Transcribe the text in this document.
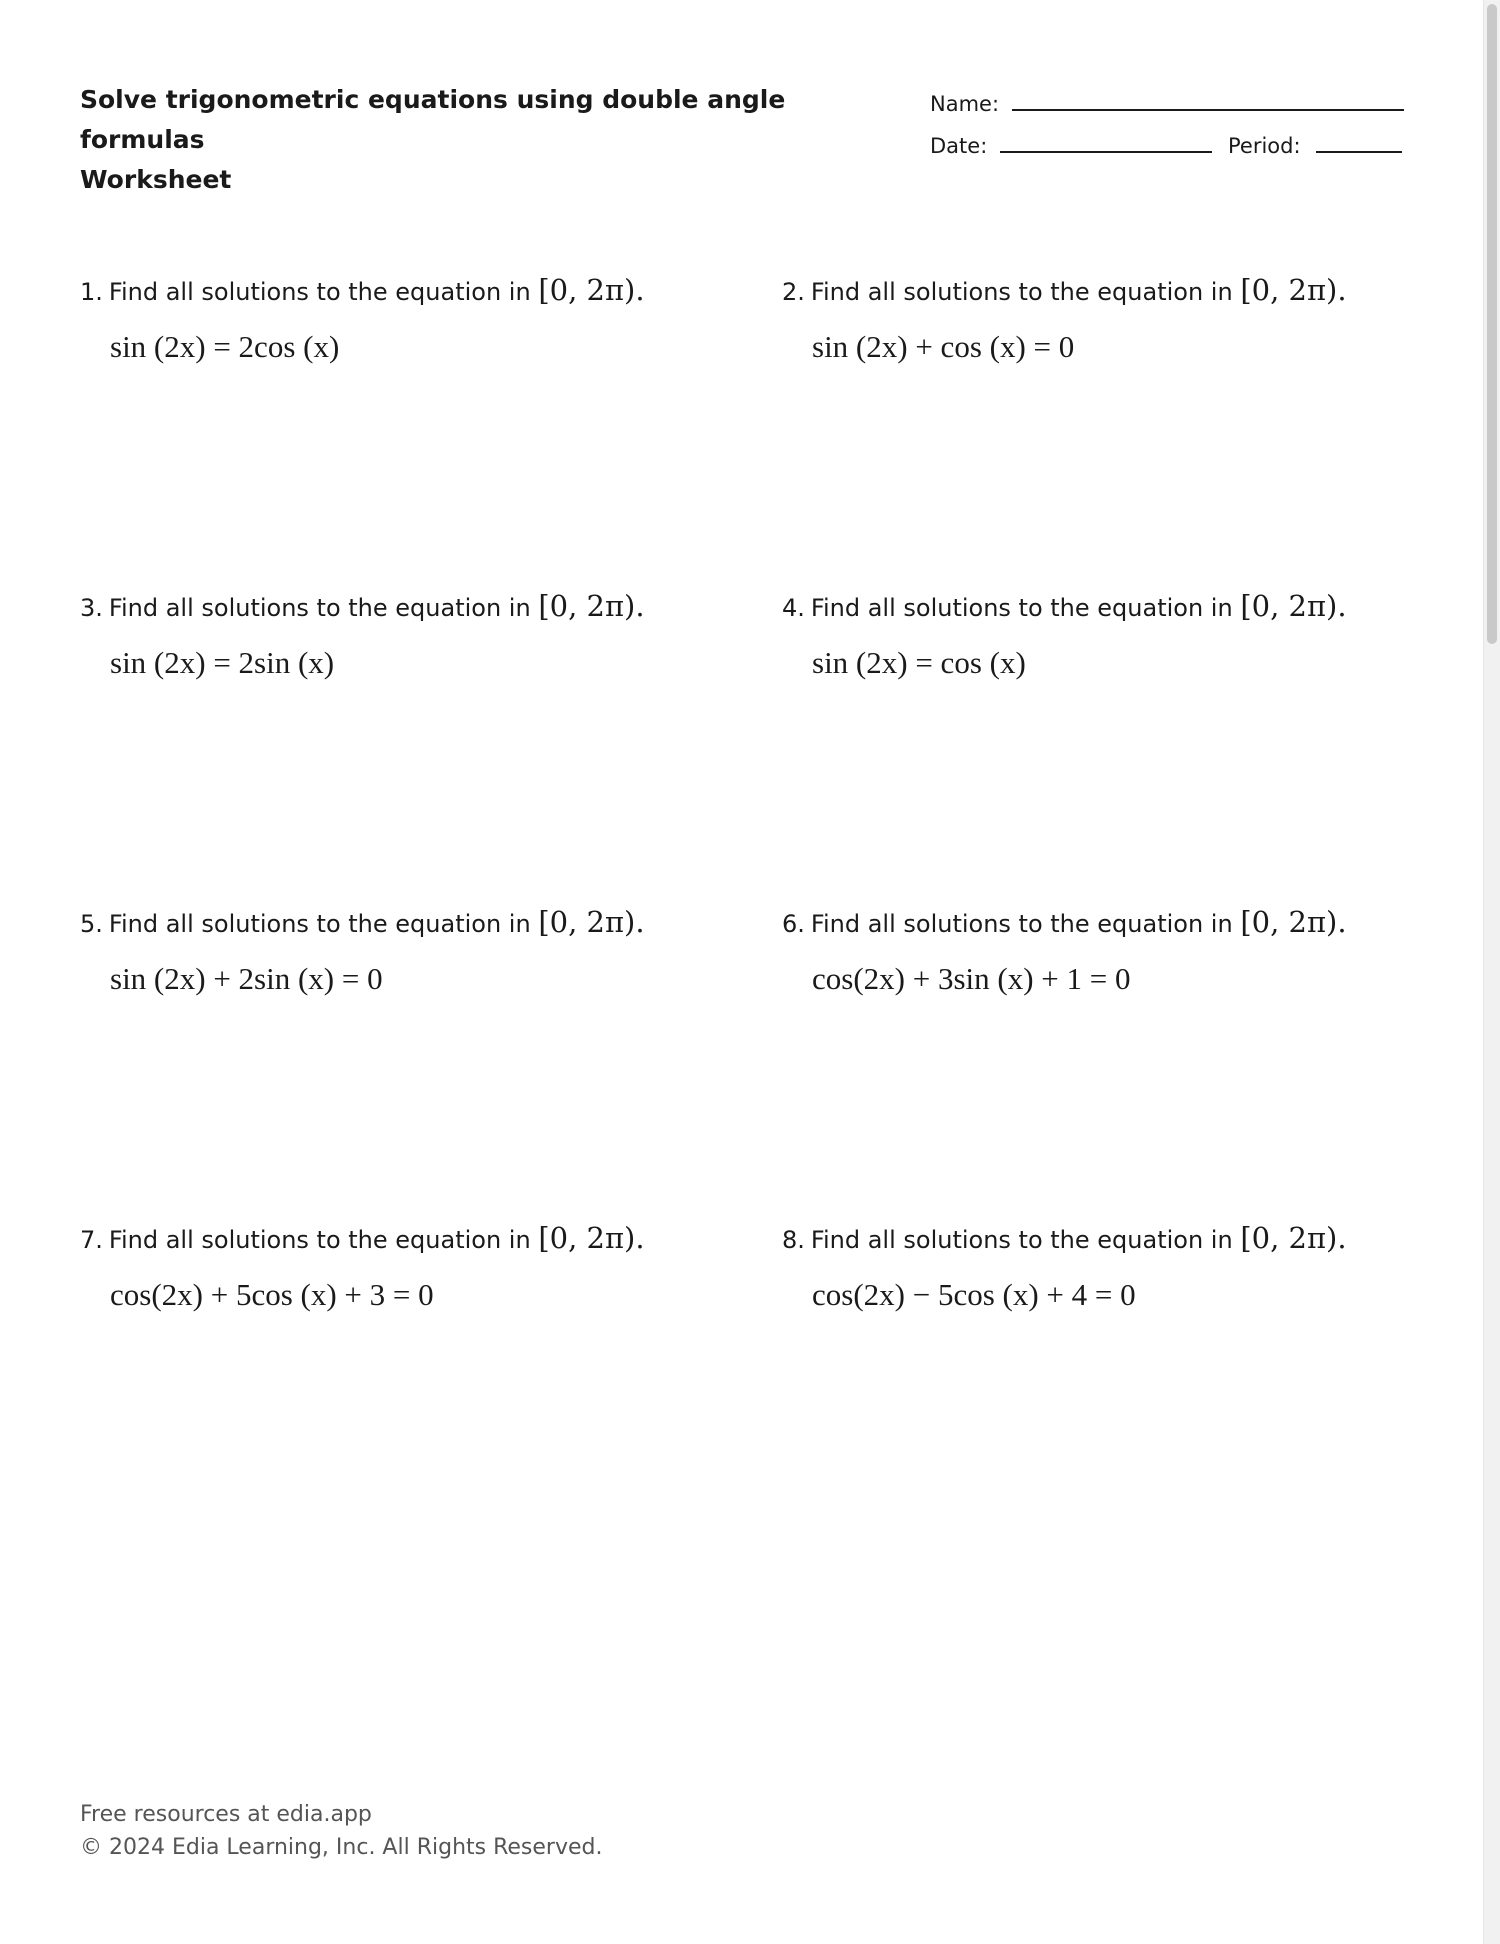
Solve trigonometric equations using double angle formulas
Worksheet
Name:
Date:	Period:
1. Find all solutions to the equation in [0, 2π).
sin (2x) = 2cos (x)
2. Find all solutions to the equation in [0, 2π).
sin (2x) + cos (x) = 0
3. Find all solutions to the equation in [0, 2π).
sin (2x) = 2sin (x)
4. Find all solutions to the equation in [0, 2π).
sin (2x) = cos (x)
5. Find all solutions to the equation in [0, 2π).
sin (2x) + 2sin (x) = 0
6. Find all solutions to the equation in [0, 2π).
cos(2x) + 3sin (x) + 1 = 0
7. Find all solutions to the equation in [0, 2π).
cos(2x) + 5cos (x) + 3 = 0
8. Find all solutions to the equation in [0, 2π).
cos(2x) − 5cos (x) + 4 = 0
Free resources at edia.app
© 2024 Edia Learning, Inc. All Rights Reserved.
